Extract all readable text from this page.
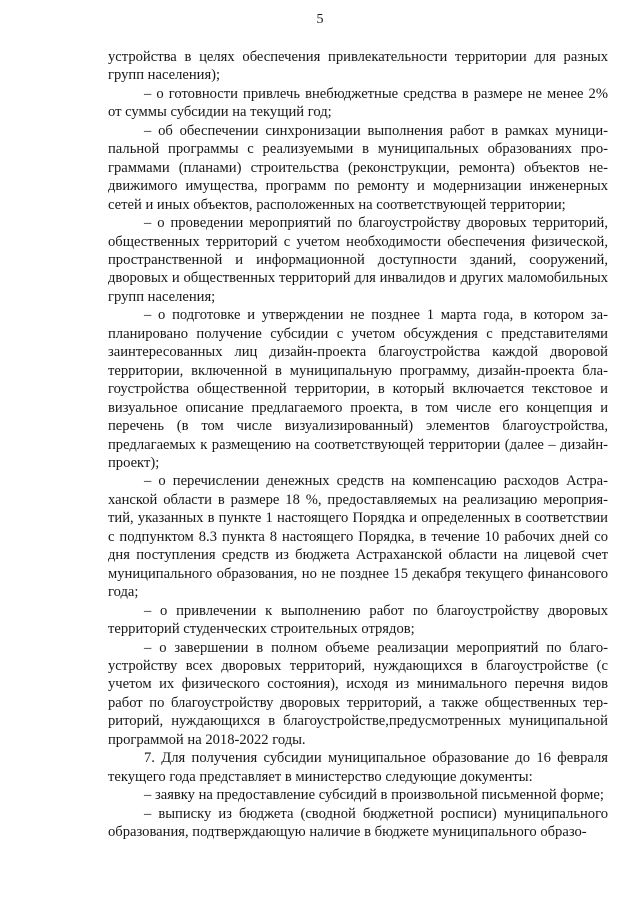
5

устройства в целях обеспечения привлекательности территории для разных групп населения);

– о готовности привлечь внебюджетные средства в размере не менее 2% от суммы субсидии на текущий год;

– об обеспечении синхронизации выполнения работ в рамках муниципальной программы с реализуемыми в муниципальных образованиях программами (планами) строительства (реконструкции, ремонта) объектов недвижимого имущества, программ по ремонту и модернизации инженерных сетей и иных объектов, расположенных на соответствующей территории;

– о проведении мероприятий по благоустройству дворовых территорий, общественных территорий с учетом необходимости обеспечения физической, пространственной и информационной доступности зданий, сооружений, дворовых и общественных территорий для инвалидов и других маломобильных групп населения;

– о подготовке и утверждении не позднее 1 марта года, в котором запланировано получение субсидии с учетом обсуждения с представителями заинтересованных лиц дизайн-проекта благоустройства каждой дворовой территории, включенной в муниципальную программу, дизайн-проекта благоустройства общественной территории, в который включается текстовое и визуальное описание предлагаемого проекта, в том числе его концепция и перечень (в том числе визуализированный) элементов благоустройства, предлагаемых к размещению на соответствующей территории (далее – дизайн-проект);

– о перечислении денежных средств на компенсацию расходов Астраханской области в размере 18 %, предоставляемых на реализацию мероприятий, указанных в пункте 1 настоящего Порядка и определенных в соответствии с подпунктом 8.3 пункта 8 настоящего Порядка, в течение 10 рабочих дней со дня поступления средств из бюджета Астраханской области на лицевой счет муниципального образования, но не позднее 15 декабря текущего финансового года;

– о привлечении к выполнению работ по благоустройству дворовых территорий студенческих строительных отрядов;

– о завершении в полном объеме реализации мероприятий по благоустройству всех дворовых территорий, нуждающихся в благоустройстве (с учетом их физического состояния), исходя из минимального перечня видов работ по благоустройству дворовых территорий, а также общественных территорий, нуждающихся в благоустройстве,предусмотренных муниципальной программой на 2018-2022 годы.

7. Для получения субсидии муниципальное образование до 16 февраля текущего года представляет в министерство следующие документы:

– заявку на предоставление субсидий в произвольной письменной форме;

– выписку из бюджета (сводной бюджетной росписи) муниципального образования, подтверждающую наличие в бюджете муниципального образо-
